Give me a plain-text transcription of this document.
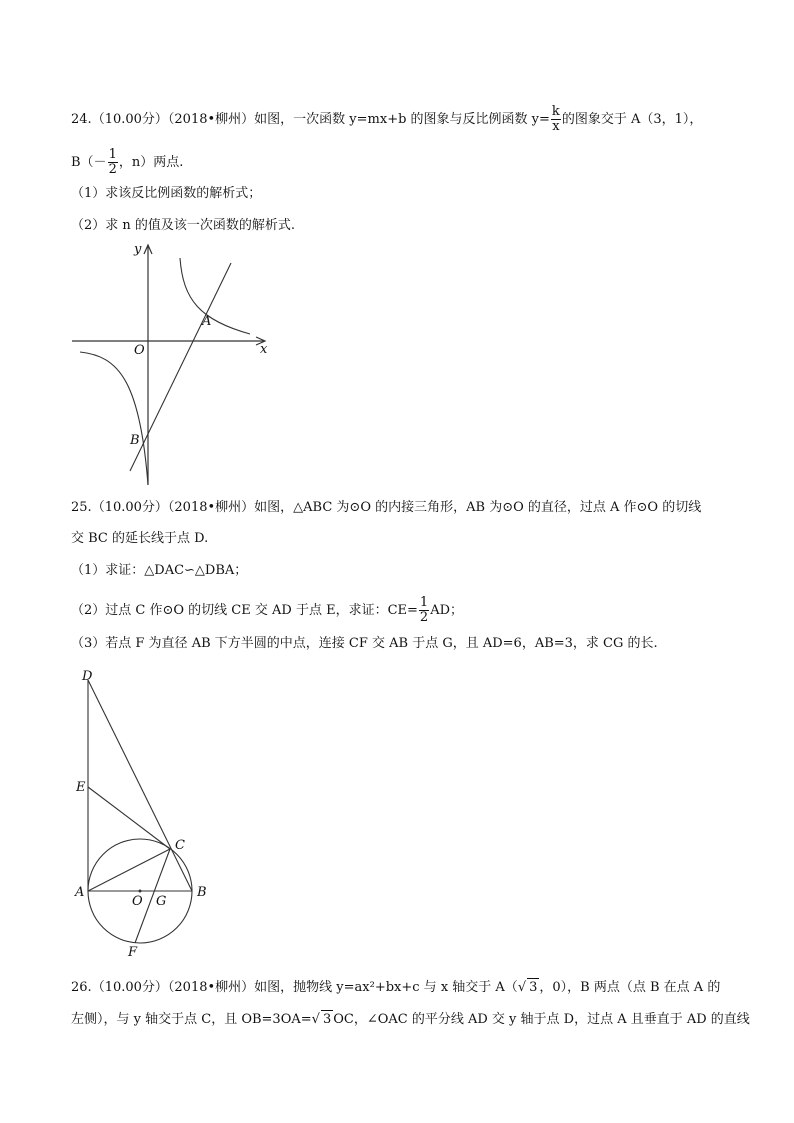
24.（10.00分）（2018•柳州）如图，一次函数 y=mx+b 的图象与反比例函数 $y= \frac{k}{x}$ 的图象交于 A（3，1），
$B(- \frac{1}{2}$ ，n）两点.
（1）求该反比例函数的解析式；
（2）求 n 的值及该一次函数的解析式.
y
x
O
A
B
25.（10.00分）（2018•柳州）如图，△ABC 为⊙O 的内接三角形，AB 为⊙O 的直径，过点 A 作⊙O 的切线
交 BC 的延长线于点 D.
（1）求证：△DAC∽△DBA；
（2）过点 C 作⊙O 的切线 CE 交 AD 于点 E，求证：$CE= \frac{1}{2}$ AD；
（3）若点 F 为直径 AB 下方半圆的中点，连接 CF 交 AB 于点 G，且 AD=6，AB=3，求 CG 的长.
D
E
C
A
O G
B
F
26.（10.00分）（2018•柳州）如图，抛物线 y=ax²+bx+c 与 x 轴交于 A（√ 3 ，0），B 两点（点 B 在点 A 的
左侧），与 y 轴交于点 C，且 OB=3OA=√ 3 OC，∠OAC 的平分线 AD 交 y 轴于点 D，过点 A 且垂直于 AD 的直线
